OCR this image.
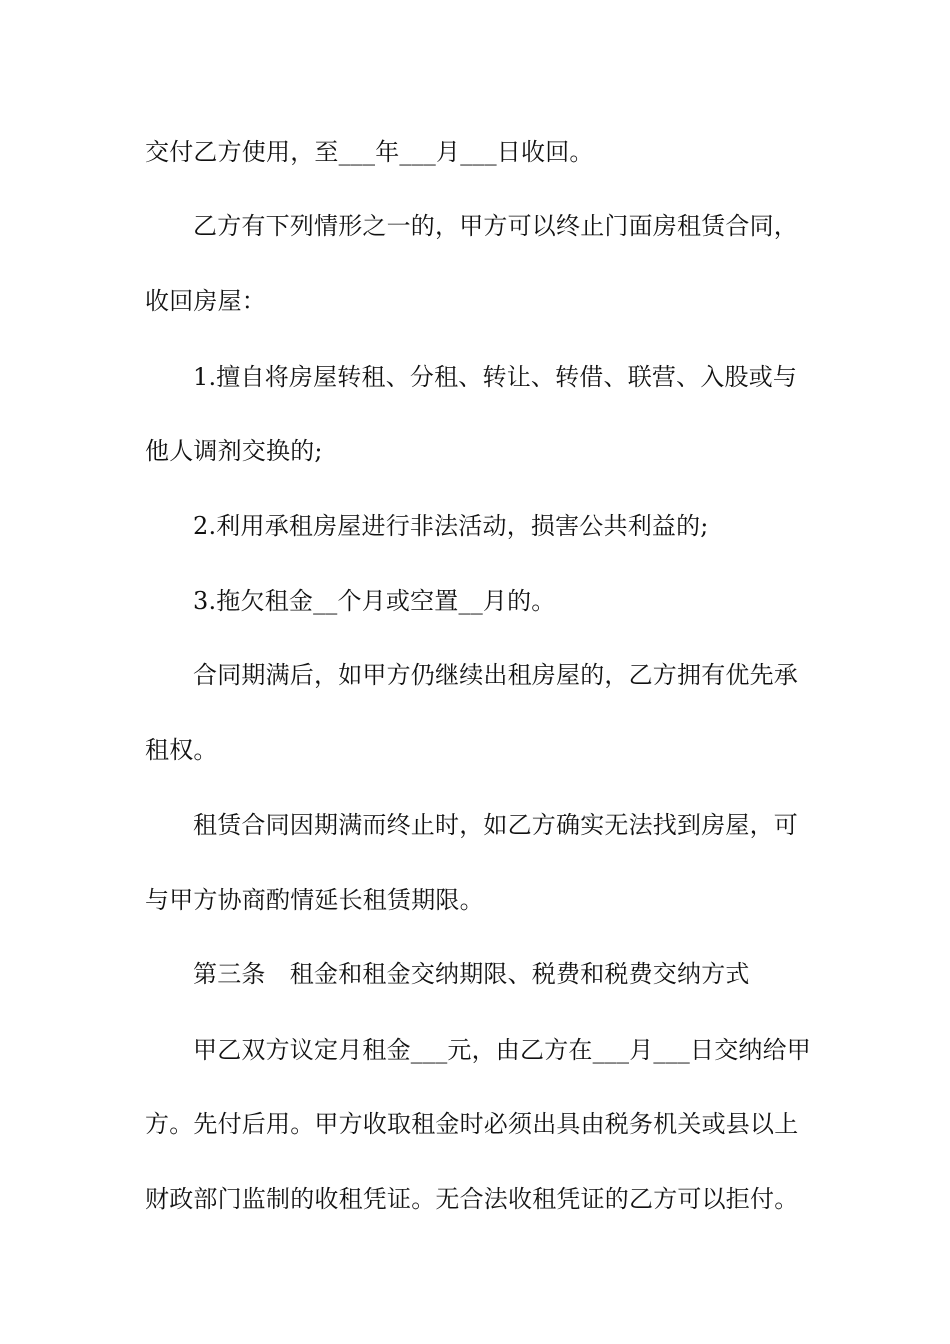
交付乙方使用，至___年___月___日收回。
乙方有下列情形之一的，甲方可以终止门面房租赁合同，
收回房屋：
1.擅自将房屋转租、分租、转让、转借、联营、入股或与
他人调剂交换的;
2.利用承租房屋进行非法活动，损害公共利益的;
3.拖欠租金__个月或空置__月的。
合同期满后，如甲方仍继续出租房屋的，乙方拥有优先承
租权。
租赁合同因期满而终止时，如乙方确实无法找到房屋，可
与甲方协商酌情延长租赁期限。
第三条　租金和租金交纳期限、税费和税费交纳方式
甲乙双方议定月租金___元，由乙方在___月___日交纳给甲
方。先付后用。甲方收取租金时必须出具由税务机关或县以上
财政部门监制的收租凭证。无合法收租凭证的乙方可以拒付。
